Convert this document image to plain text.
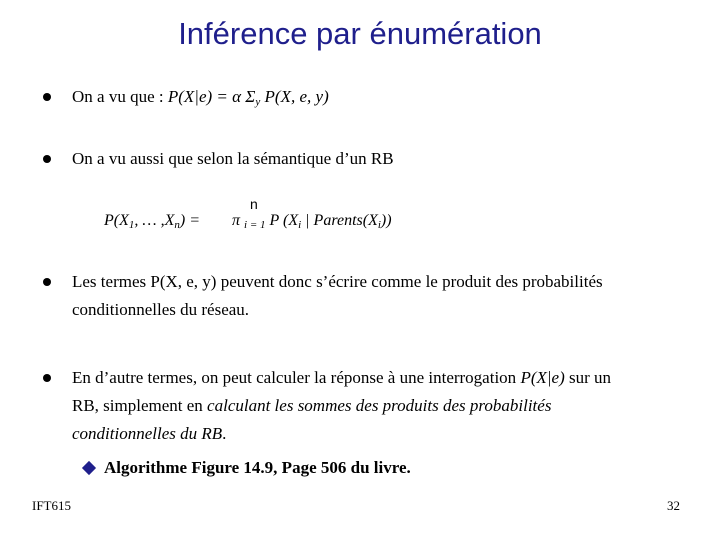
Inférence par énumération
On a vu que : P(X|e) = α $\Sigma_y$ P(X, e, y)
On a vu aussi que selon la sémantique d’un RB
n
$P(X_1$, … $,X_n) = \pi$ $_{i = 1}$ P ($X_i$ | $Parents(X_i)$)
Les termes P(X, e, y) peuvent donc s’écrire comme le produit des probabilités conditionnelles du réseau.
En d’autre termes, on peut calculer la réponse à une interrogation P(X|e) sur un RB, simplement en calculant les sommes des produits des probabilités conditionnelles du RB.
Algorithme Figure 14.9, Page 506 du livre.
IFT615	32
